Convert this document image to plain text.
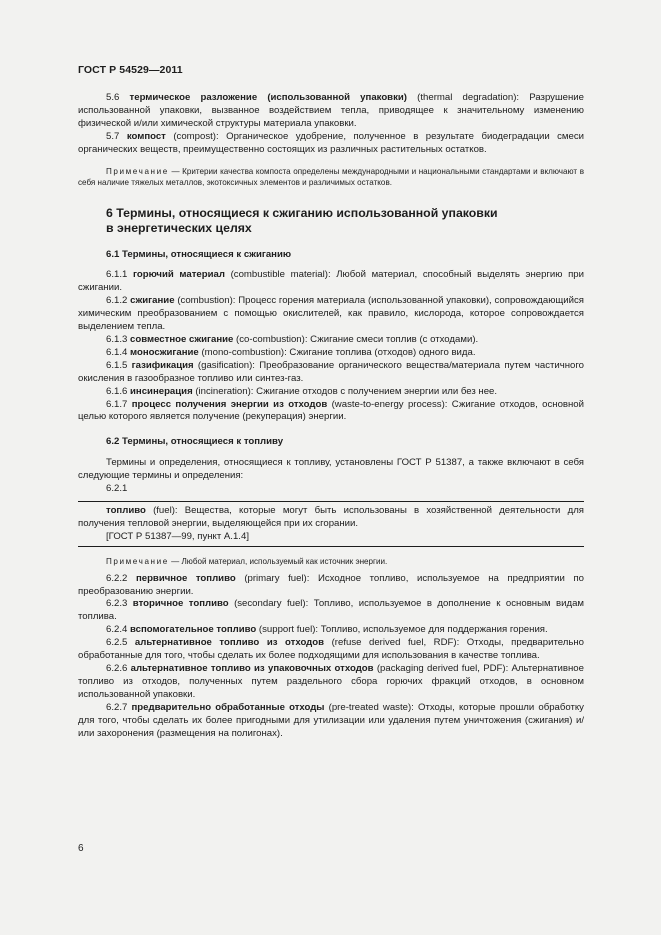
ГОСТ Р 54529—2011

5.6 термическое разложение (использованной упаковки) (thermal degradation): Разрушение использованной упаковки, вызванное воздействием тепла, приводящее к значительному изменению физической и/или химической структуры материала упаковки.

5.7 компост (compost): Органическое удобрение, полученное в результате биодеградации смеси органических веществ, преимущественно состоящих из различных растительных остатков.

Примечание — Критерии качества компоста определены международными и национальными стандартами и включают в себя наличие тяжелых металлов, экотоксичных элементов и различимых остатков.

6 Термины, относящиеся к сжиганию использованной упаковки
в энергетических целях
6.1 Термины, относящиеся к сжиганию

6.1.1 горючий материал (combustible material): Любой материал, способный выделять энергию при сжигании.

6.1.2 сжигание (combustion): Процесс горения материала (использованной упаковки), сопровождающийся химическим преобразованием с помощью окислителей, как правило, кислорода, которое сопровождается выделением тепла.

6.1.3 совместное сжигание (co-combustion): Сжигание смеси топлив (с отходами).

6.1.4 моносжигание (mono-combustion): Сжигание топлива (отходов) одного вида.

6.1.5 газификация (gasification): Преобразование органического вещества/материала путем частичного окисления в газообразное топливо или синтез-газ.

6.1.6 инсинерация (incineration): Сжигание отходов с получением энергии или без нее.

6.1.7 процесс получения энергии из отходов (waste-to-energy process): Сжигание отходов, основной целью которого является получение (рекуперация) энергии.

6.2 Термины, относящиеся к топливу

Термины и определения, относящиеся к топливу, установлены ГОСТ Р 51387, а также включают в себя следующие термины и определения:

6.2.1

топливо (fuel): Вещества, которые могут быть использованы в хозяйственной деятельности для получения тепловой энергии, выделяющейся при их сгорании.

[ГОСТ Р 51387—99, пункт А.1.4]

Примечание — Любой материал, используемый как источник энергии.

6.2.2 первичное топливо (primary fuel): Исходное топливо, используемое на предприятии по преобразованию энергии.

6.2.3 вторичное топливо (secondary fuel): Топливо, используемое в дополнение к основным видам топлива.

6.2.4 вспомогательное топливо (support fuel): Топливо, используемое для поддержания горения.

6.2.5 альтернативное топливо из отходов (refuse derived fuel, RDF): Отходы, предварительно обработанные для того, чтобы сделать их более подходящими для использования в качестве топлива.

6.2.6 альтернативное топливо из упаковочных отходов (packaging derived fuel, PDF): Альтернативное топливо из отходов, полученных путем раздельного сбора горючих фракций отходов, в основном использованной упаковки.

6.2.7 предварительно обработанные отходы (pre-treated waste): Отходы, которые прошли обработку для того, чтобы сделать их более пригодными для утилизации или удаления путем уничтожения (сжигания) и/или захоронения (размещения на полигонах).

6
